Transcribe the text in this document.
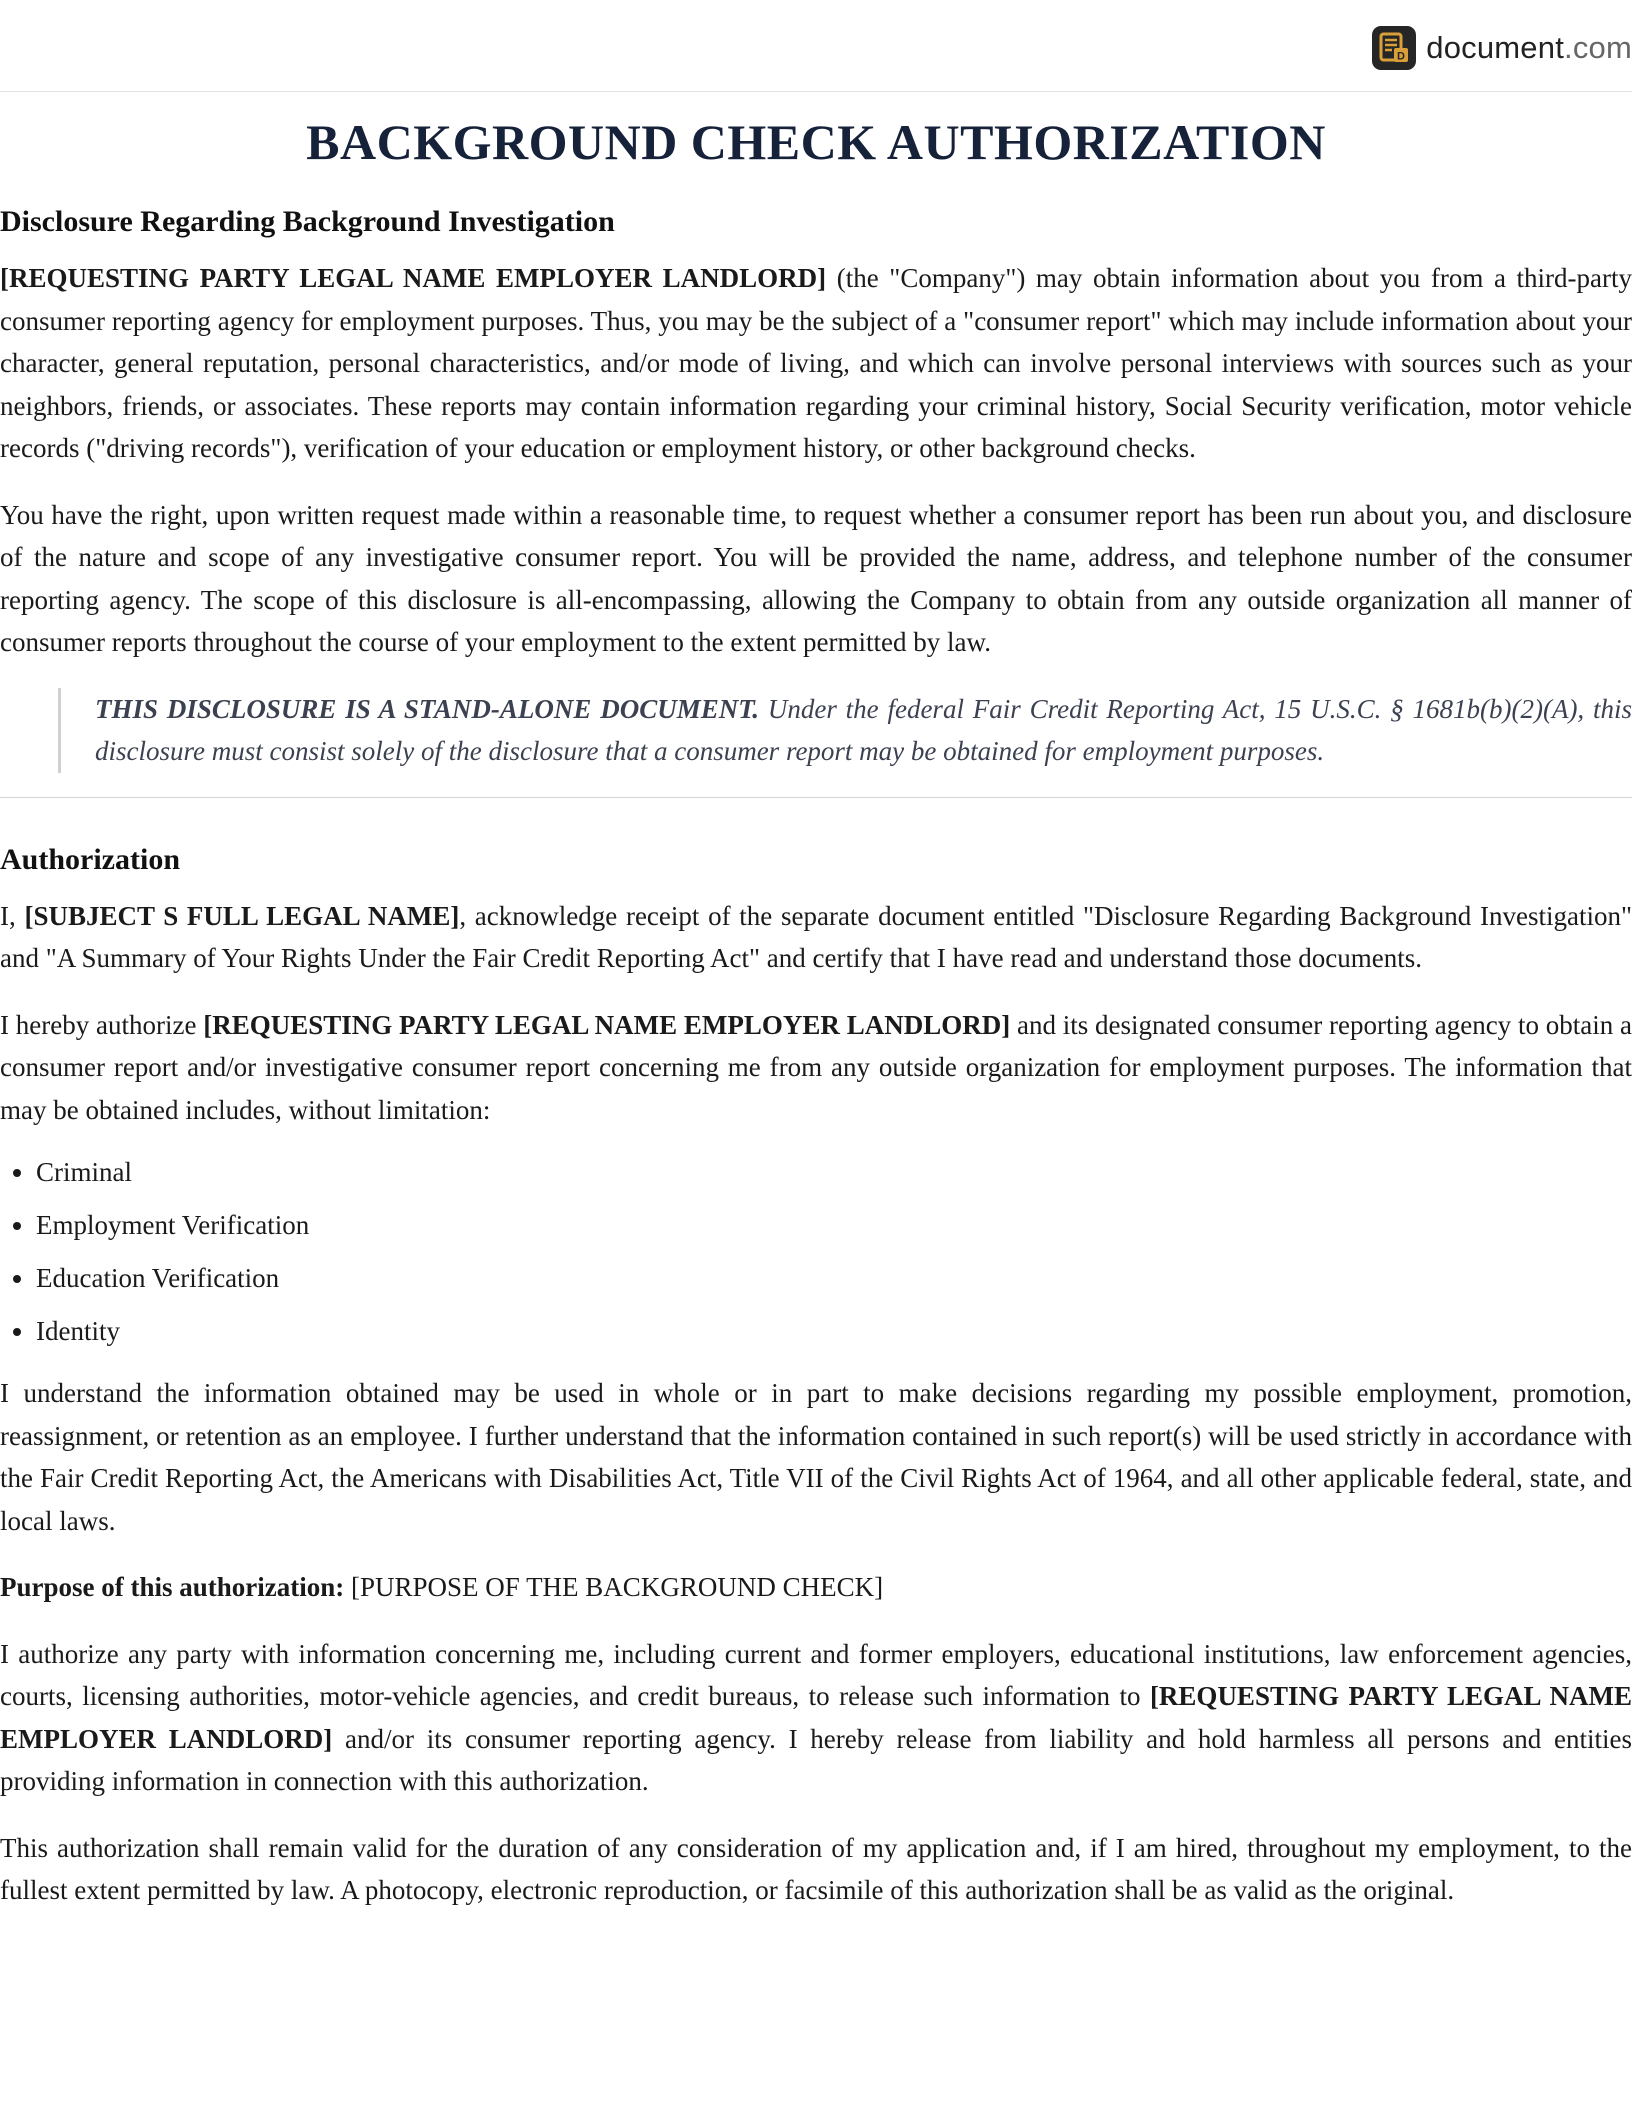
D document.com
BACKGROUND CHECK AUTHORIZATION
Disclosure Regarding Background Investigation

[REQUESTING PARTY LEGAL NAME EMPLOYER LANDLORD] (the "Company") may obtain information about you from a third-party consumer reporting agency for employment purposes. Thus, you may be the subject of a "consumer report" which may include information about your character, general reputation, personal characteristics, and/or mode of living, and which can involve personal interviews with sources such as your neighbors, friends, or associates. These reports may contain information regarding your criminal history, Social Security verification, motor vehicle records ("driving records"), verification of your education or employment history, or other background checks.

You have the right, upon written request made within a reasonable time, to request whether a consumer report has been run about you, and disclosure of the nature and scope of any investigative consumer report. You will be provided the name, address, and telephone number of the consumer reporting agency. The scope of this disclosure is all-encompassing, allowing the Company to obtain from any outside organization all manner of consumer reports throughout the course of your employment to the extent permitted by law.

THIS DISCLOSURE IS A STAND-ALONE DOCUMENT. Under the federal Fair Credit Reporting Act, 15 U.S.C. § 1681b(b)(2)(A), this disclosure must consist solely of the disclosure that a consumer report may be obtained for employment purposes.

Authorization

I, [SUBJECT S FULL LEGAL NAME], acknowledge receipt of the separate document entitled "Disclosure Regarding Background Investigation" and "A Summary of Your Rights Under the Fair Credit Reporting Act" and certify that I have read and understand those documents.

I hereby authorize [REQUESTING PARTY LEGAL NAME EMPLOYER LANDLORD] and its designated consumer reporting agency to obtain a consumer report and/or investigative consumer report concerning me from any outside organization for employment purposes. The information that may be obtained includes, without limitation:

• Criminal
• Employment Verification
• Education Verification
• Identity

I understand the information obtained may be used in whole or in part to make decisions regarding my possible employment, promotion, reassignment, or retention as an employee. I further understand that the information contained in such report(s) will be used strictly in accordance with the Fair Credit Reporting Act, the Americans with Disabilities Act, Title VII of the Civil Rights Act of 1964, and all other applicable federal, state, and local laws.

Purpose of this authorization: [PURPOSE OF THE BACKGROUND CHECK]

I authorize any party with information concerning me, including current and former employers, educational institutions, law enforcement agencies, courts, licensing authorities, motor-vehicle agencies, and credit bureaus, to release such information to [REQUESTING PARTY LEGAL NAME EMPLOYER LANDLORD] and/or its consumer reporting agency. I hereby release from liability and hold harmless all persons and entities providing information in connection with this authorization.

This authorization shall remain valid for the duration of any consideration of my application and, if I am hired, throughout my employment, to the fullest extent permitted by law. A photocopy, electronic reproduction, or facsimile of this authorization shall be as valid as the original.
